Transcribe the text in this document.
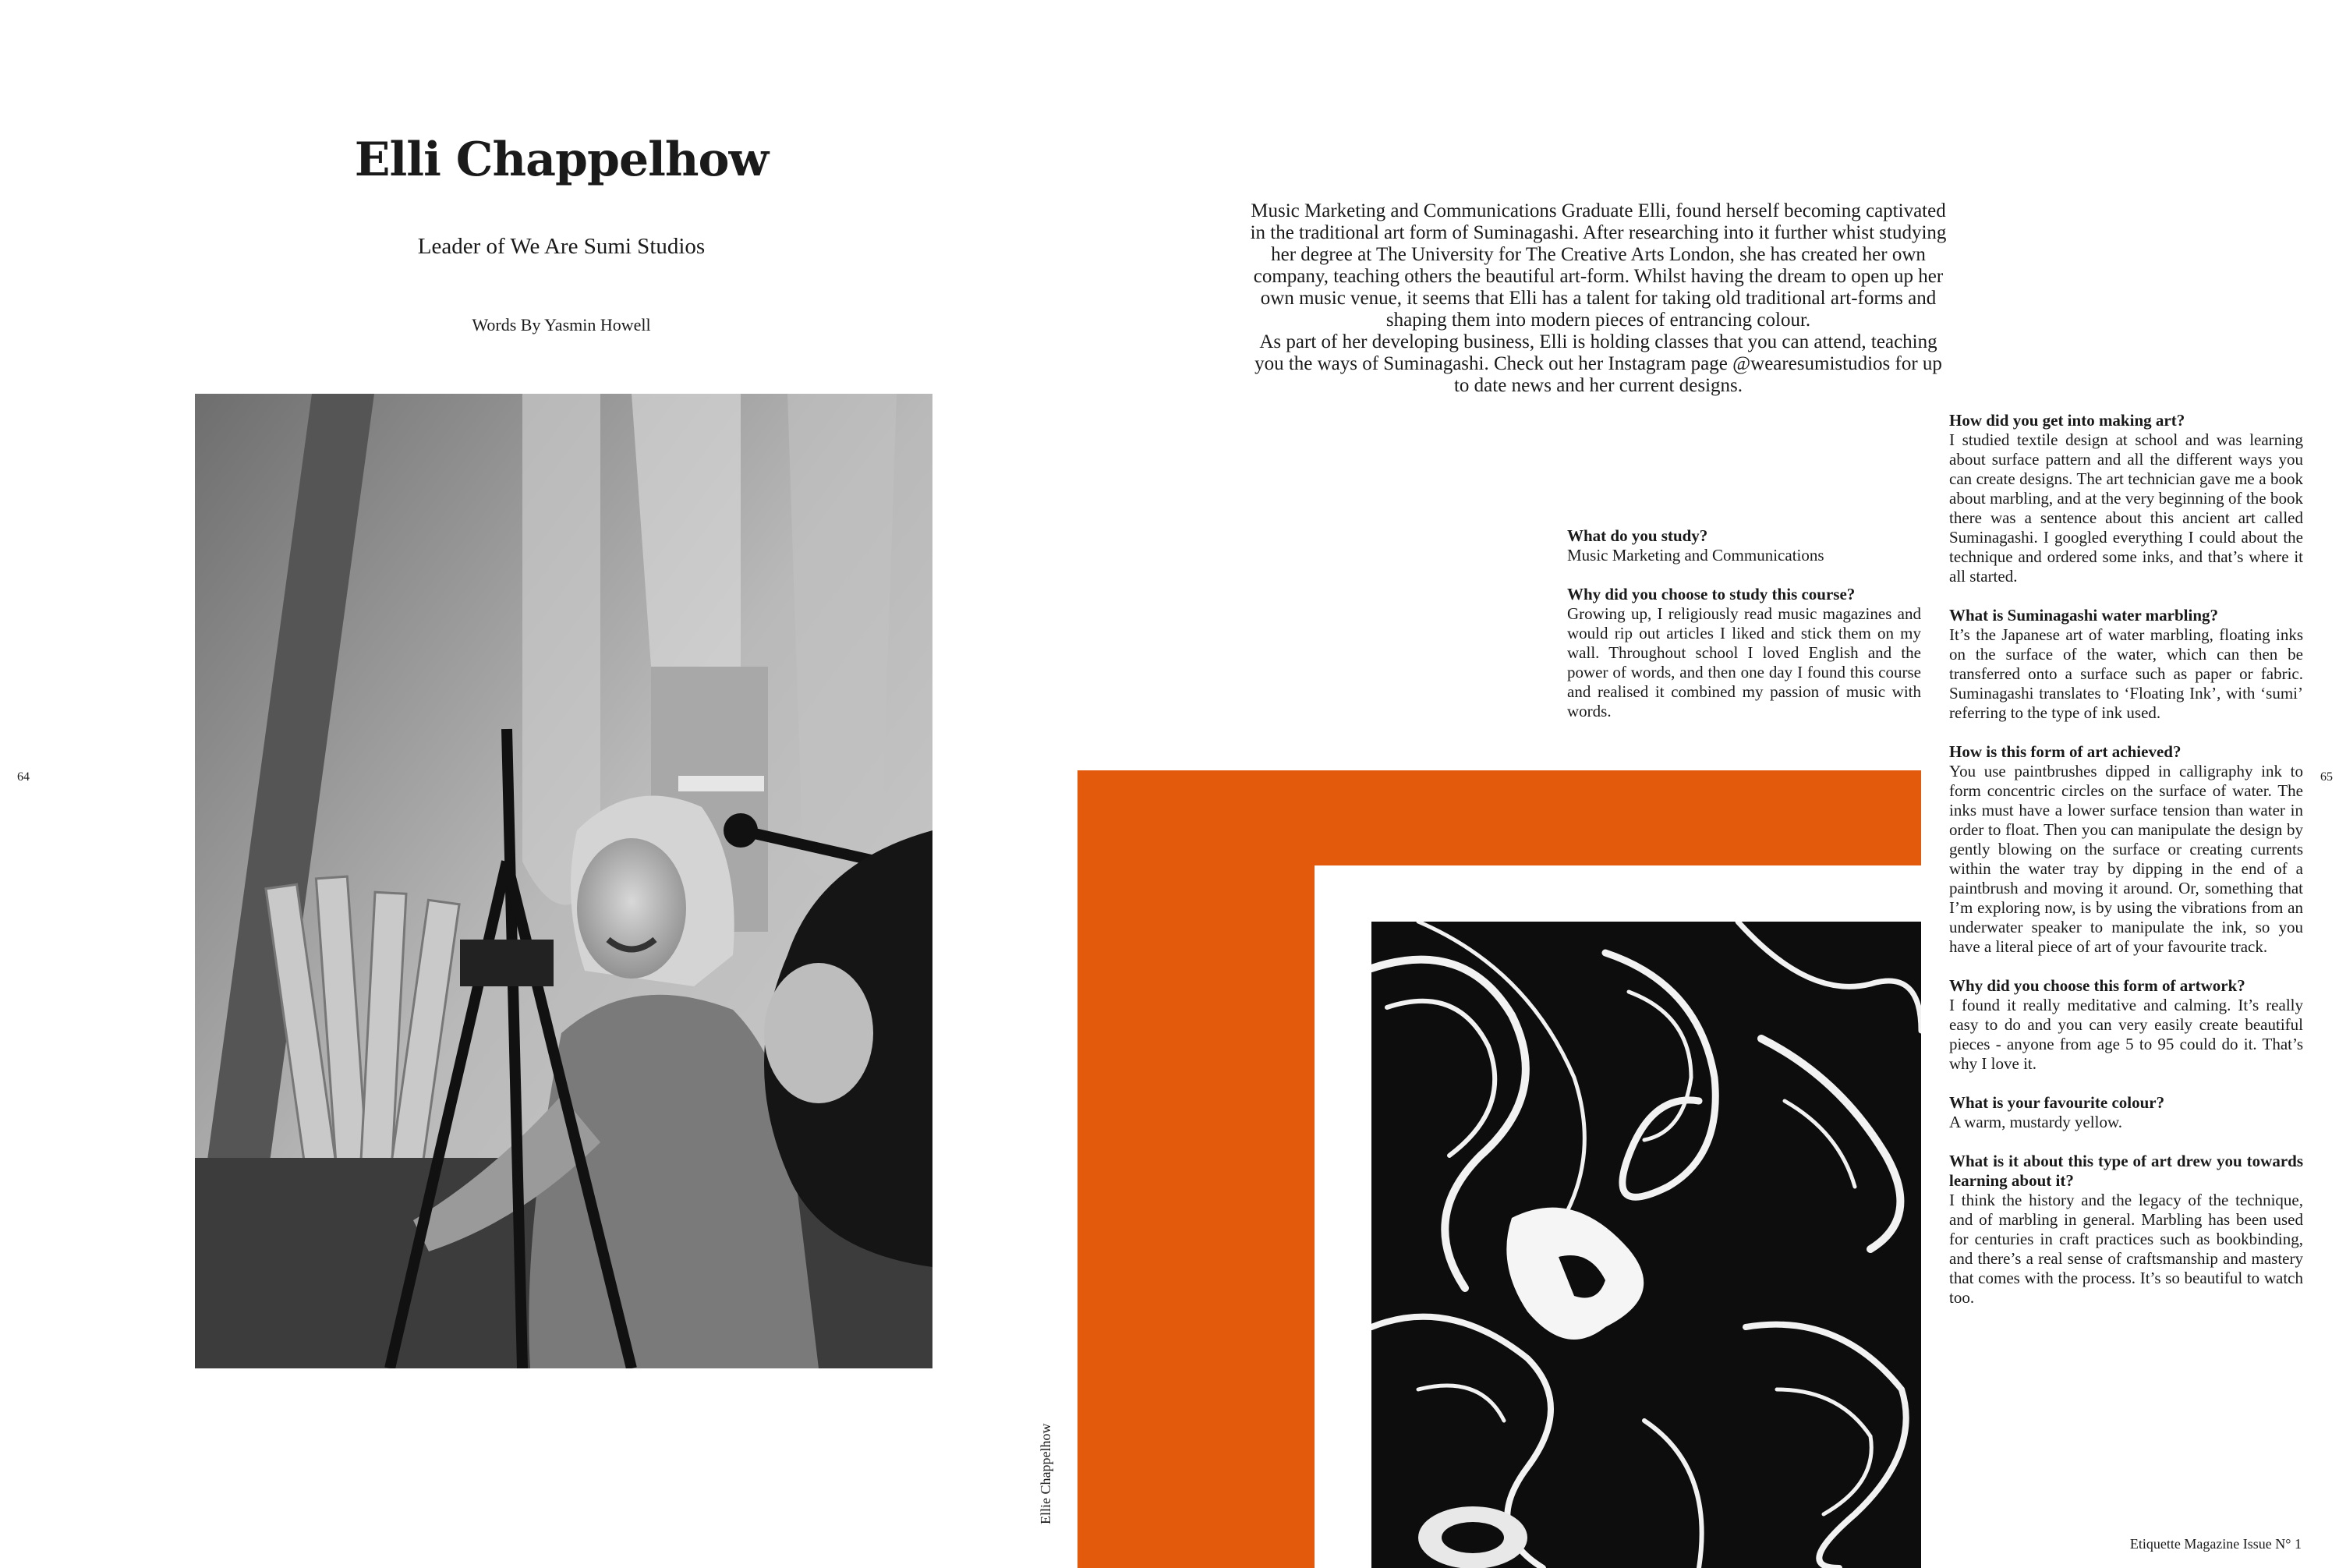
Elli Chappelhow
Leader of We Are Sumi Studios
Words By Yasmin Howell
64

Music Marketing and Communications Graduate Elli, found herself becoming captivated in the traditional art form of Suminagashi. After researching into it further whist studying her degree at The University for The Creative Arts London, she has created her own company, teaching others the beautiful art-form. Whilst having the dream to open up her own music venue, it seems that Elli has a talent for taking old traditional art-forms and shaping them into modern pieces of entrancing colour.

As part of her developing business, Elli is holding classes that you can attend, teaching you the ways of Suminagashi. Check out her Instagram page @wearesumistudios for up to date news and her current designs.

What do you study?
Music Marketing and Communications
Why did you choose to study this course?
Growing up, I religiously read music magazines and would rip out articles I liked and stick them on my wall. Throughout school I loved English and the power of words, and then one day I found this course and realised it combined my passion of music with words.
How did you get into making art?
I studied textile design at school and was learning about surface pattern and all the different ways you can create designs. The art technician gave me a book about marbling, and at the very beginning of the book there was a sentence about this ancient art called Suminagashi. I googled everything I could about the technique and ordered some inks, and that’s where it all started.
What is Suminagashi water marbling?
It’s the Japanese art of water marbling, floating inks on the surface of the water, which can then be transferred onto a surface such as paper or fabric. Suminagashi translates to ‘Floating Ink’, with ‘sumi’ referring to the type of ink used.
How is this form of art achieved?
You use paintbrushes dipped in calligraphy ink to form concentric circles on the surface of water. The inks must have a lower surface tension than water in order to float. Then you can manipulate the design by gently blowing on the surface or creating currents within the water tray by dipping in the end of a paintbrush and moving it around. Or, something that I’m exploring now, is by using the vibrations from an underwater speaker to manipulate the ink, so you have a literal piece of art of your favourite track.
Why did you choose this form of artwork?
I found it really meditative and calming. It’s really easy to do and you can very easily create beautiful pieces - anyone from age 5 to 95 could do it. That’s why I love it.
What is your favourite colour?
A warm, mustardy yellow.
What is it about this type of art drew you towards learning about it?
I think the history and the legacy of the technique, and of marbling in general. Marbling has been used for centuries in craft practices such as bookbinding, and there’s a real sense of craftsmanship and mastery that comes with the process. It’s so beautiful to watch too.
65
Ellie Chappelhow
Etiquette Magazine Issue N° 1
